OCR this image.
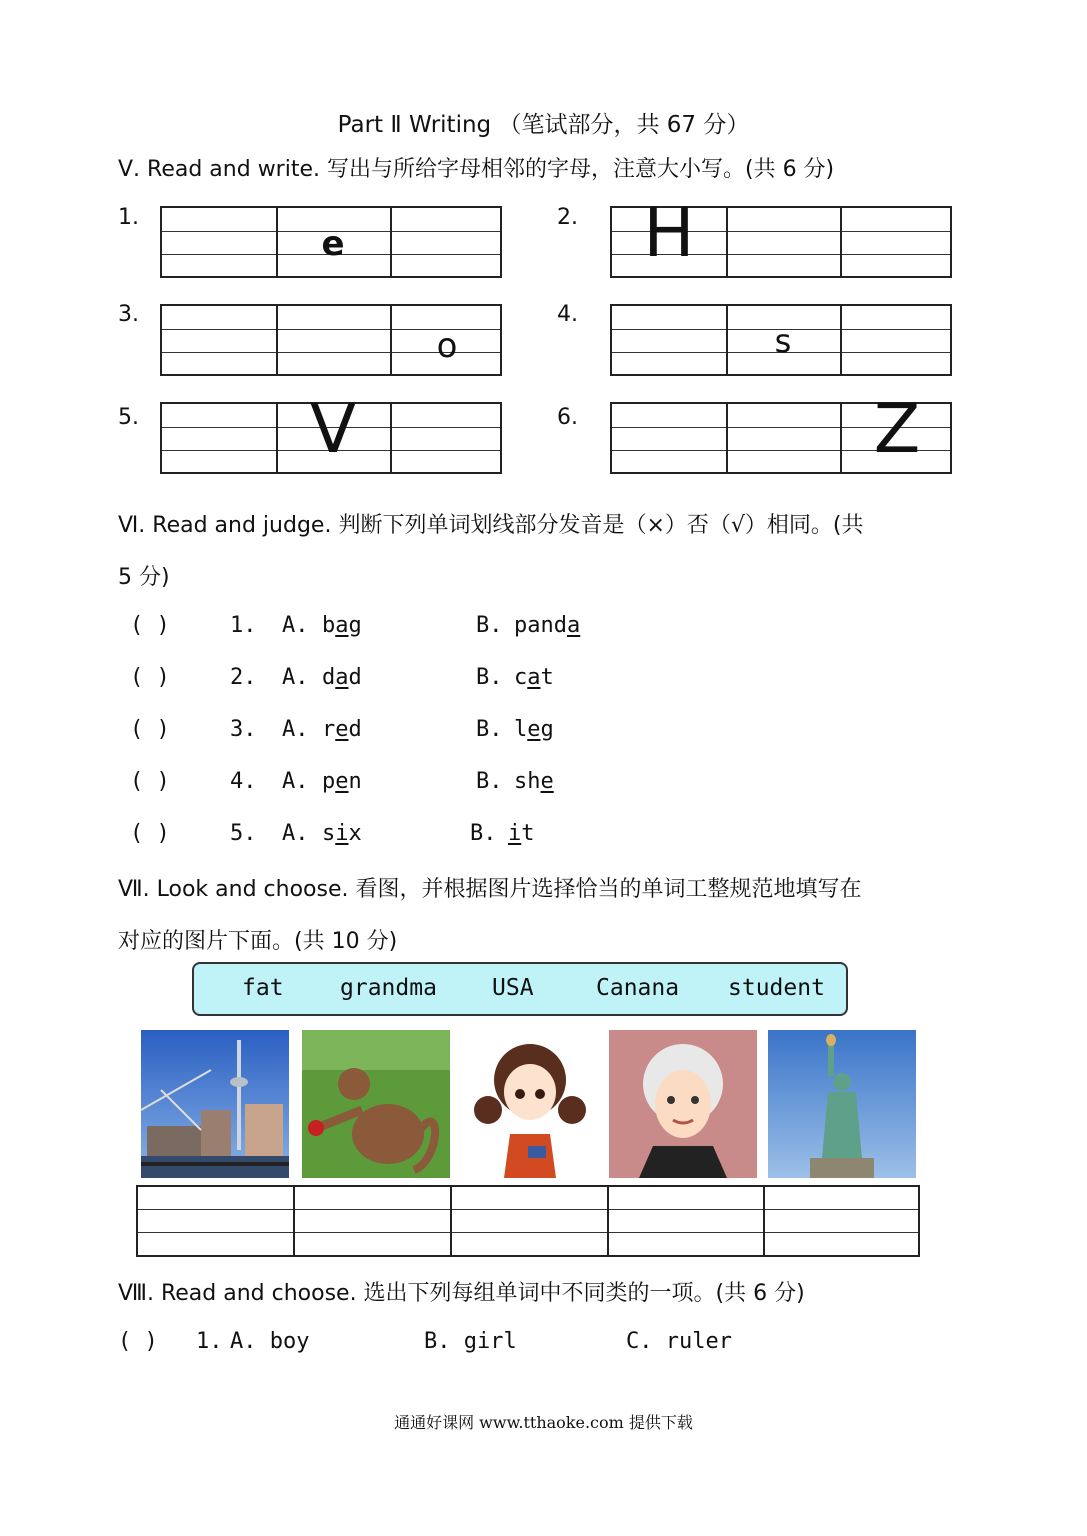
Part Ⅱ Writing （笔试部分，共 67 分）
Ⅴ. Read and write. 写出与所给字母相邻的字母，注意大小写。(共 6 分)
1.
e
2. H
3.
o
4.
s
5.	V	6.	Z
Ⅵ. Read and judge. 判断下列单词划线部分发音是（×）否（√）相同。(共
5 分)
( )	1. A. bag	B. panda
( )	2. A. dad	B. cat
( )	3. A. red	B. leg
( )	4. A. pen	B. she
( )	5. A. six	B. it
Ⅶ. Look and choose. 看图，并根据图片选择恰当的单词工整规范地填写在
对应的图片下面。(共 10 分)
fat grandma USA	Canana student
Ⅷ. Read and choose. 选出下列每组单词中不同类的一项。(共 6 分)
( ) 1. A. boy	B. girl	C. ruler
通通好课网 www.tthaoke.com 提供下载
